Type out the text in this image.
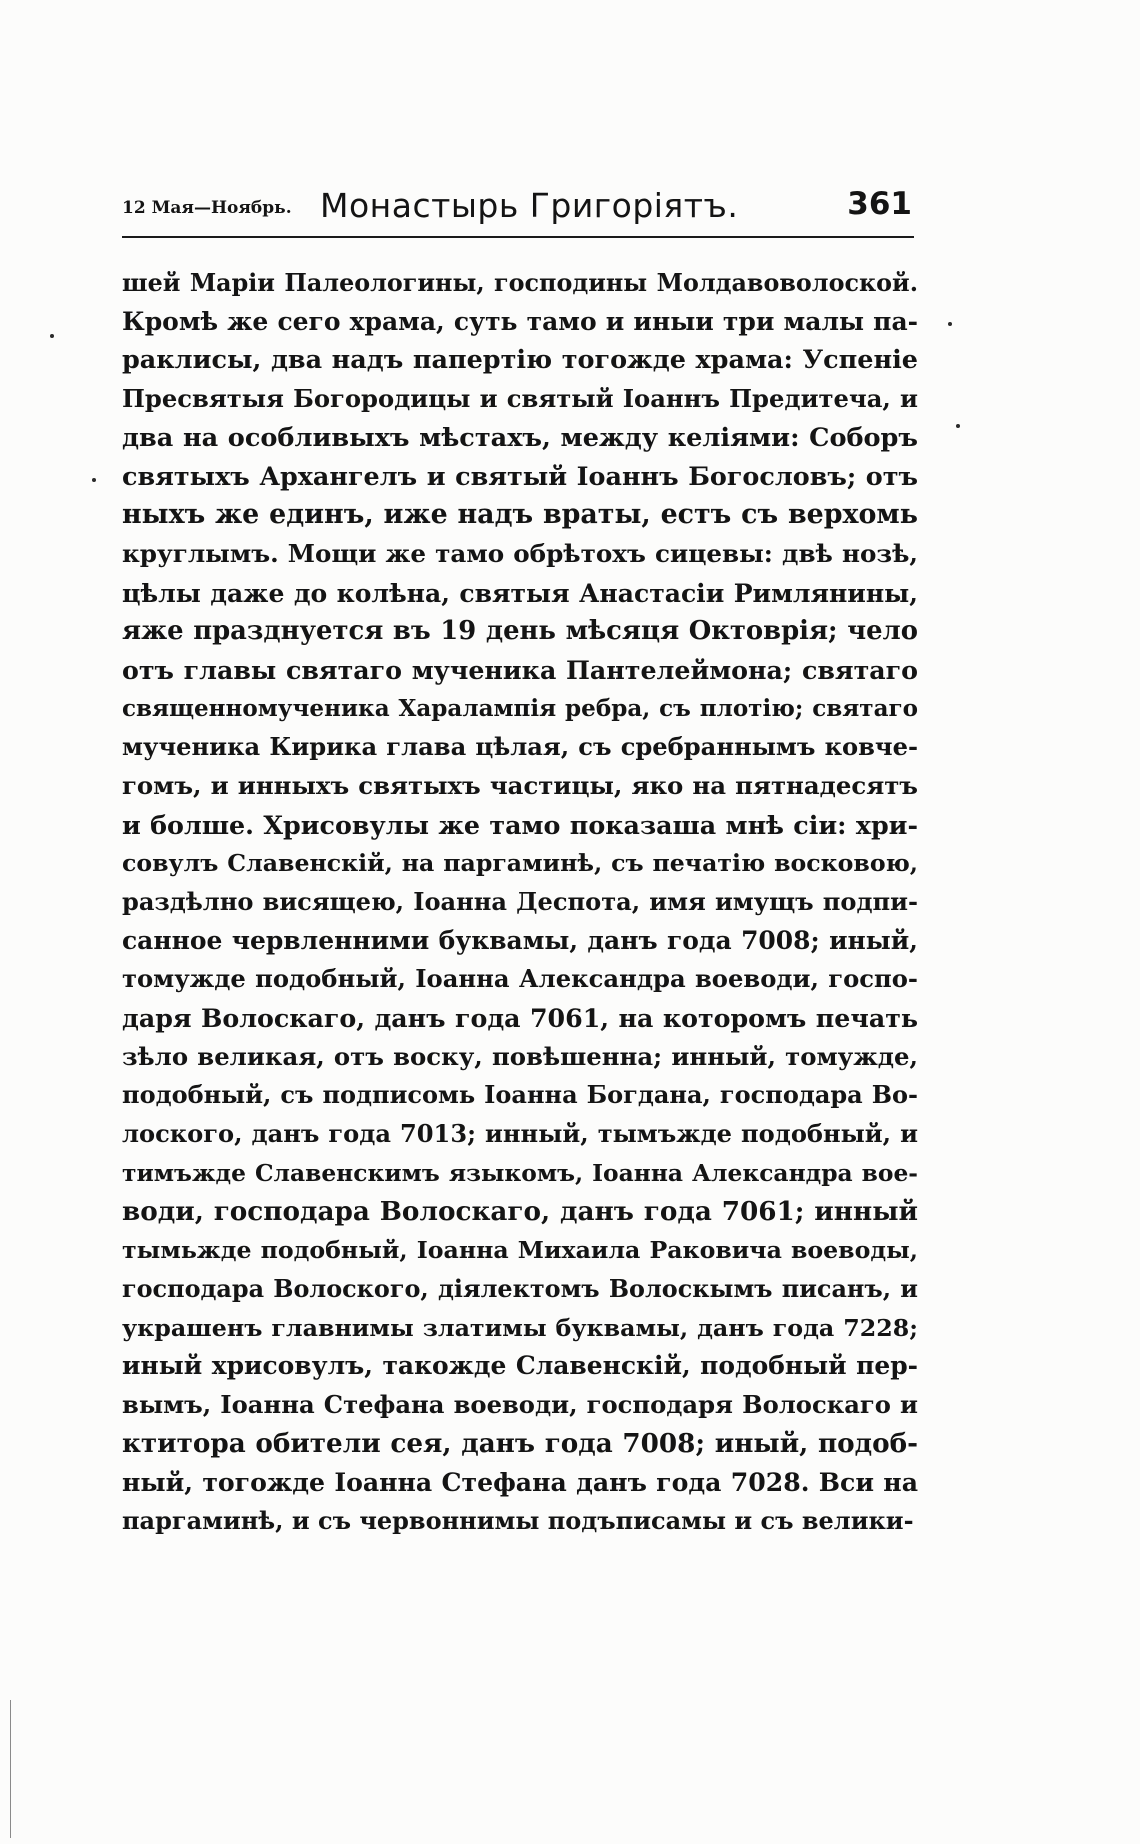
12 Мая—Ноябрь. Монастырь Григоріятъ.	361
шей Маріи Палеологины, господины Молдавоволоской.
Кромѣ же сего храма, суть тамо и иныи три малы па-
раклисы, два надъ папертію тогожде храма: Успеніе
Пресвятыя Богородицы и святый Іоаннъ Предитеча, и
два на особливыхъ мѣстахъ, между келіями: Соборъ
святыхъ Архангелъ и святый Іоаннъ Богословъ; отъ
ныхъ же единъ, иже надъ враты, естъ съ верхомь
круглымъ. Мощи же тамо обрѣтохъ сицевы: двѣ нозѣ,
цѣлы даже до колѣна, святыя Анастасіи Римлянины,
яже празднуется въ 19 день мѣсяця Октоврія; чело
отъ главы святаго мученика Пантелеймона; святаго
священномученика Харалампія ребра, съ плотію; святаго
мученика Кирика глава цѣлая, съ сребраннымъ ковче-
гомъ, и инныхъ святыхъ частицы, яко на пятнадесятъ
и болше. Хрисовулы же тамо показаша мнѣ сіи: хри-
совулъ Славенскій, на паргаминѣ, съ печатію восковою,
раздѣлно висящею, Іоанна Деспота, имя имущъ подпи-
санное червленними буквамы, данъ года 7008; иный,
томужде подобный, Іоанна Александра воеводи, госпо-
даря Волоскаго, данъ года 7061, на которомъ печать
зѣло великая, отъ воску, повѣшенна; инный, томужде,
подобный, съ подписомь Іоанна Богдана, господара Во-
лоского, данъ года 7013; инный, тымъжде подобный, и
тимъжде Славенскимъ языкомъ, Іоанна Александра вое-
води, господара Волоскаго, данъ года 7061; инный
тымьжде подобный, Іоанна Михаила Раковича воеводы,
господара Волоского, діялектомъ Волоскымъ писанъ, и
украшенъ главнимы златимы буквамы, данъ года 7228;
иный хрисовулъ, такожде Славенскій, подобный пер-
вымъ, Іоанна Стефана воеводи, господаря Волоскаго и
ктитора обители сея, данъ года 7008; иный, подоб-
ный, тогожде Іоанна Стефана данъ года 7028. Вси на
паргаминѣ, и съ червоннимы подъписамы и съ велики-
